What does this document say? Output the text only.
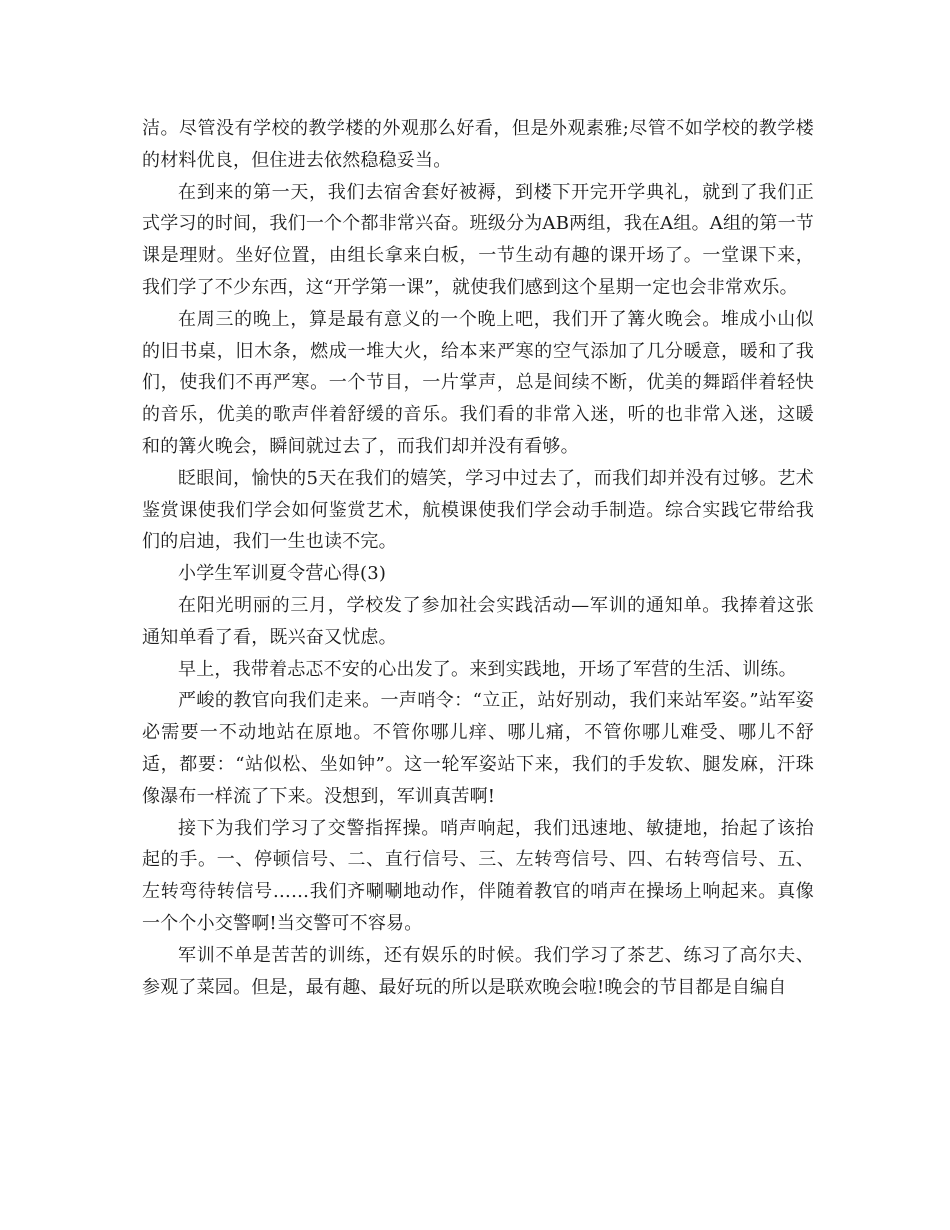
洁。尽管没有学校的教学楼的外观那么好看，但是外观素雅;尽管不如学校的教学楼的材料优良，但住进去依然稳稳妥当。

在到来的第一天，我们去宿舍套好被褥，到楼下开完开学典礼，就到了我们正式学习的时间，我们一个个都非常兴奋。班级分为AB两组，我在A组。A组的第一节课是理财。坐好位置，由组长拿来白板，一节生动有趣的课开场了。一堂课下来，我们学了不少东西，这“开学第一课”，就使我们感到这个星期一定也会非常欢乐。

在周三的晚上，算是最有意义的一个晚上吧，我们开了篝火晚会。堆成小山似的旧书桌，旧木条，燃成一堆大火，给本来严寒的空气添加了几分暖意，暖和了我们，使我们不再严寒。一个节目，一片掌声，总是间续不断，优美的舞蹈伴着轻快的音乐，优美的歌声伴着舒缓的音乐。我们看的非常入迷，听的也非常入迷，这暖和的篝火晚会，瞬间就过去了，而我们却并没有看够。

眨眼间，愉快的5天在我们的嬉笑，学习中过去了，而我们却并没有过够。艺术鉴赏课使我们学会如何鉴赏艺术，航模课使我们学会动手制造。综合实践它带给我们的启迪，我们一生也读不完。

小学生军训夏令营心得(3)

在阳光明丽的三月，学校发了参加社会实践活动—军训的通知单。我捧着这张通知单看了看，既兴奋又忧虑。

早上，我带着忐忑不安的心出发了。来到实践地，开场了军营的生活、训练。

严峻的教官向我们走来。一声哨令：“立正，站好别动，我们来站军姿。”站军姿必需要一不动地站在原地。不管你哪儿痒、哪儿痛，不管你哪儿难受、哪儿不舒适，都要：“站似松、坐如钟”。这一轮军姿站下来，我们的手发软、腿发麻，汗珠像瀑布一样流了下来。没想到，军训真苦啊!

接下为我们学习了交警指挥操。哨声响起，我们迅速地、敏捷地，抬起了该抬起的手。一、停顿信号、二、直行信号、三、左转弯信号、四、右转弯信号、五、左转弯待转信号……我们齐唰唰地动作，伴随着教官的哨声在操场上响起来。真像一个个小交警啊!当交警可不容易。

军训不单是苦苦的训练，还有娱乐的时候。我们学习了茶艺、练习了高尔夫、参观了菜园。但是，最有趣、最好玩的所以是联欢晚会啦!晚会的节目都是自编自
